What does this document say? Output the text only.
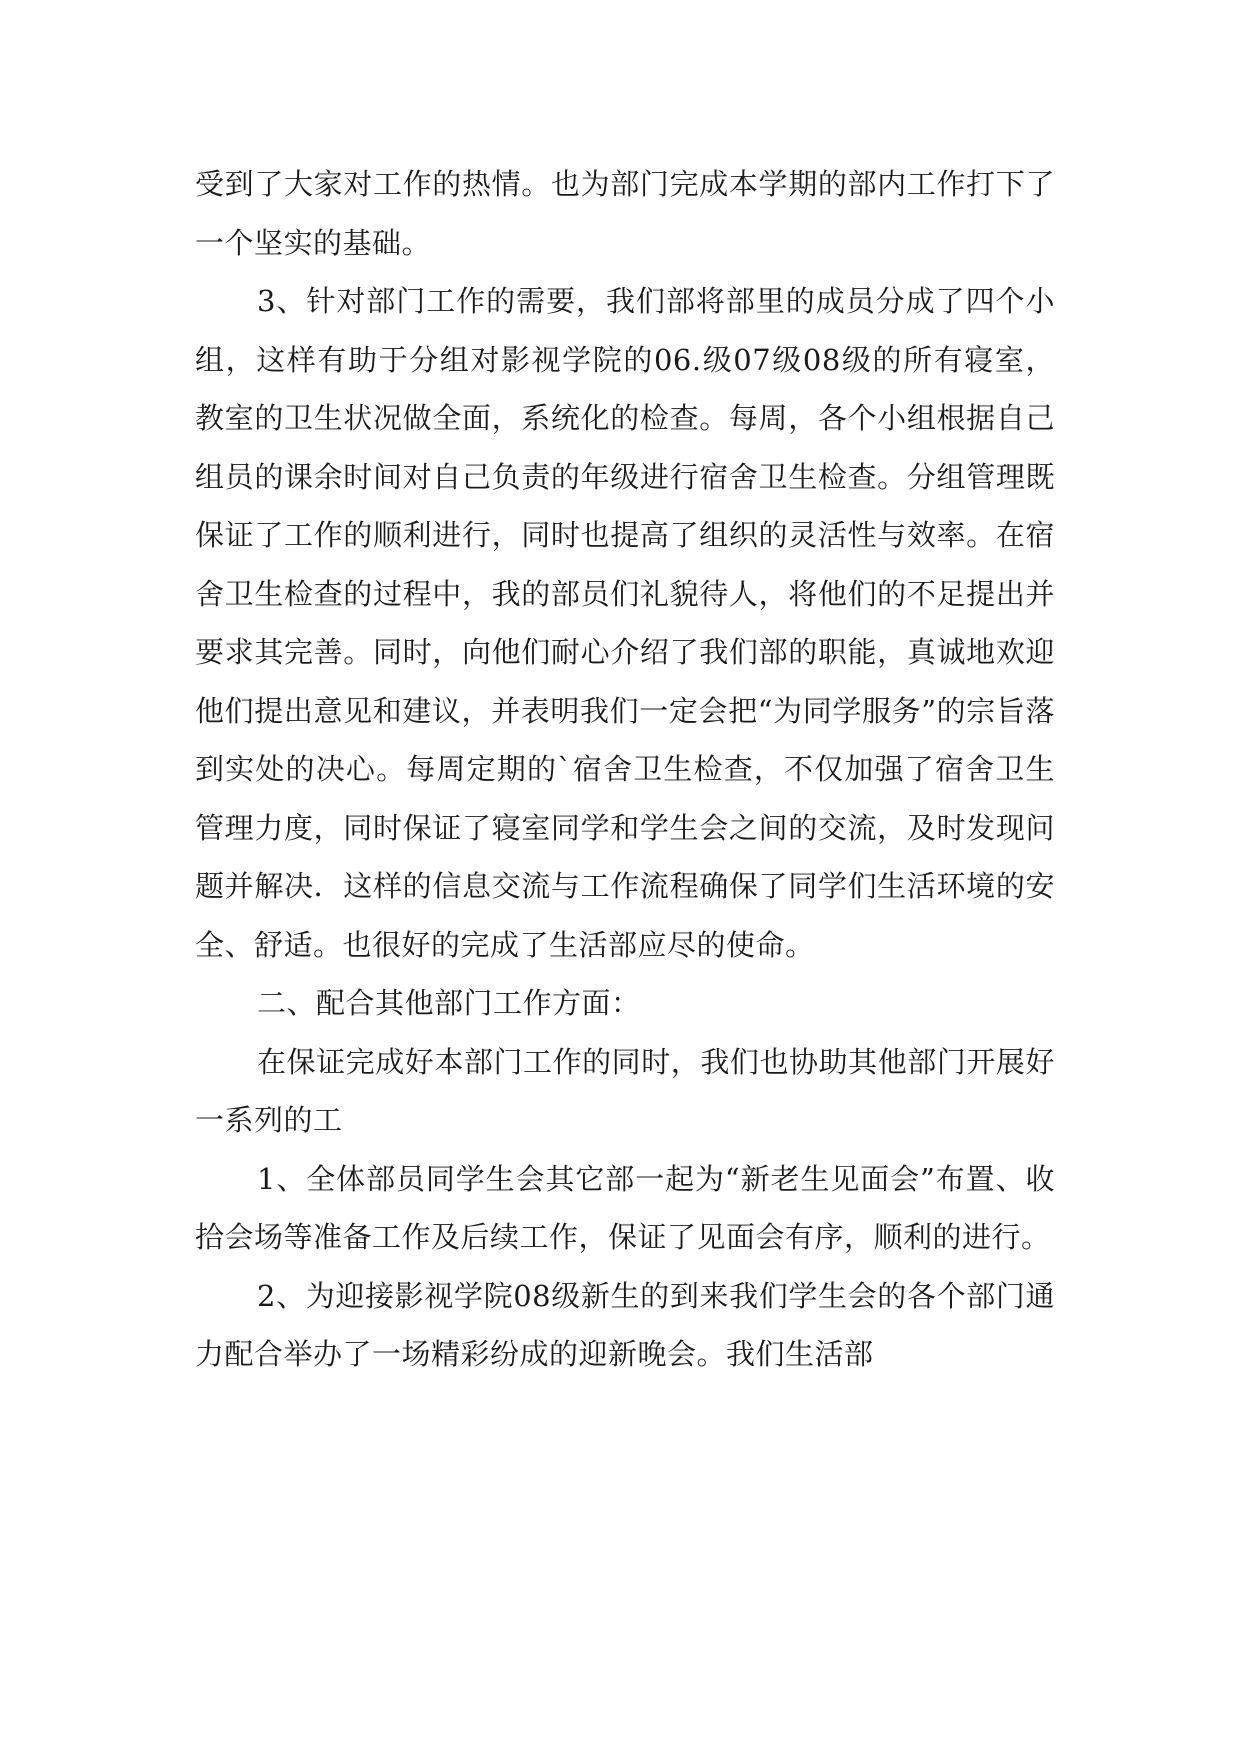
受到了大家对工作的热情。也为部门完成本学期的部内工作打下了一个坚实的基础。

3、针对部门工作的需要，我们部将部里的成员分成了四个小组，这样有助于分组对影视学院的06.级07级08级的所有寝室，教室的卫生状况做全面，系统化的检查。每周，各个小组根据自己组员的课余时间对自己负责的年级进行宿舍卫生检查。分组管理既保证了工作的顺利进行，同时也提高了组织的灵活性与效率。在宿舍卫生检查的过程中，我的部员们礼貌待人，将他们的不足提出并要求其完善。同时，向他们耐心介绍了我们部的职能，真诚地欢迎他们提出意见和建议，并表明我们一定会把“为同学服务”的宗旨落到实处的决心。每周定期的`宿舍卫生检查，不仅加强了宿舍卫生管理力度，同时保证了寝室同学和学生会之间的交流，及时发现问题并解决．这样的信息交流与工作流程确保了同学们生活环境的安全、舒适。也很好的完成了生活部应尽的使命。

二、配合其他部门工作方面：

在保证完成好本部门工作的同时，我们也协助其他部门开展好一系列的工

1、全体部员同学生会其它部一起为“新老生见面会”布置、收拾会场等准备工作及后续工作，保证了见面会有序，顺利的进行。

2、为迎接影视学院08级新生的到来我们学生会的各个部门通力配合举办了一场精彩纷成的迎新晚会。我们生活部
